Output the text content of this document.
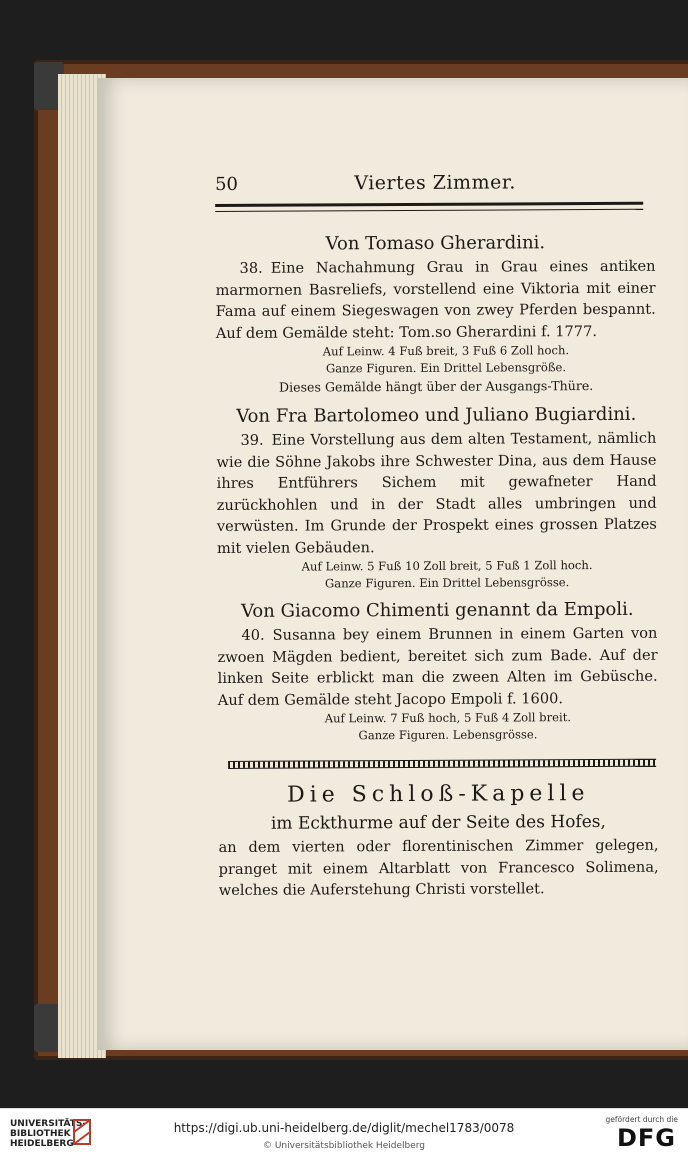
50	Viertes Zimmer.
Von Tomaso Gherardini.

38. Eine Nachahmung Grau in Grau eines antiken marmornen Basreliefs, vorstellend eine Viktoria mit einer Fama auf einem Siegeswagen von zwey Pferden bespannt. Auf dem Gemälde steht: Tom.so Gherardini f. 1777.

Auf Leinw. 4 Fuß breit, 3 Fuß 6 Zoll hoch.

Ganze Figuren. Ein Drittel Lebensgröße.

Dieses Gemälde hängt über der Ausgangs-Thüre.

Von Fra Bartolomeo und Juliano Bugiardini.

39. Eine Vorstellung aus dem alten Testament, nämlich wie die Söhne Jakobs ihre Schwester Dina, aus dem Hause ihres Entführers Sichem mit gewafneter Hand zurückhohlen und in der Stadt alles umbringen und verwüsten. Im Grunde der Prospekt eines grossen Platzes mit vielen Gebäuden.

Auf Leinw. 5 Fuß 10 Zoll breit, 5 Fuß 1 Zoll hoch.

Ganze Figuren. Ein Drittel Lebensgrösse.

Von Giacomo Chimenti genannt da Empoli.

40. Susanna bey einem Brunnen in einem Garten von zwoen Mägden bedient, bereitet sich zum Bade. Auf der linken Seite erblickt man die zween Alten im Gebüsche. Auf dem Gemälde steht Jacopo Empoli f. 1600.

Auf Leinw. 7 Fuß hoch, 5 Fuß 4 Zoll breit.

Ganze Figuren. Lebensgrösse.

Die Schloß-Kapelle
im Eckthurme auf der Seite des Hofes,

an dem vierten oder florentinischen Zimmer gelegen, pranget mit einem Altarblatt von Francesco Solimena, welches die Auferstehung Christi vorstellet.

UNIVERSITÄTS-
BIBLIOTHEK
HEIDELBERG
https://digi.ub.uni-heidelberg.de/diglit/mechel1783/0078
© Universitätsbibliothek Heidelberg
gefördert durch die
DFG
